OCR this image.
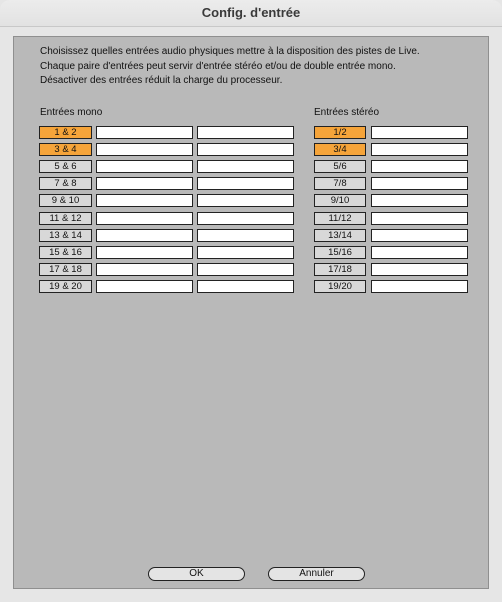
Config. d'entrée
Choisissez quelles entrées audio physiques mettre à la disposition des pistes de Live.
Chaque paire d'entrées peut servir d'entrée stéréo et/ou de double entrée mono.
Désactiver des entrées réduit la charge du processeur.
Entrées mono	Entrées stéréo
1 & 2
3 & 4
5 & 6
7 & 8
9 & 10
11 & 12
13 & 14
15 & 16
17 & 18
19 & 20
1/2
3/4
5/6
7/8
9/10
11/12
13/14
15/16
17/18
19/20
OK	Annuler
